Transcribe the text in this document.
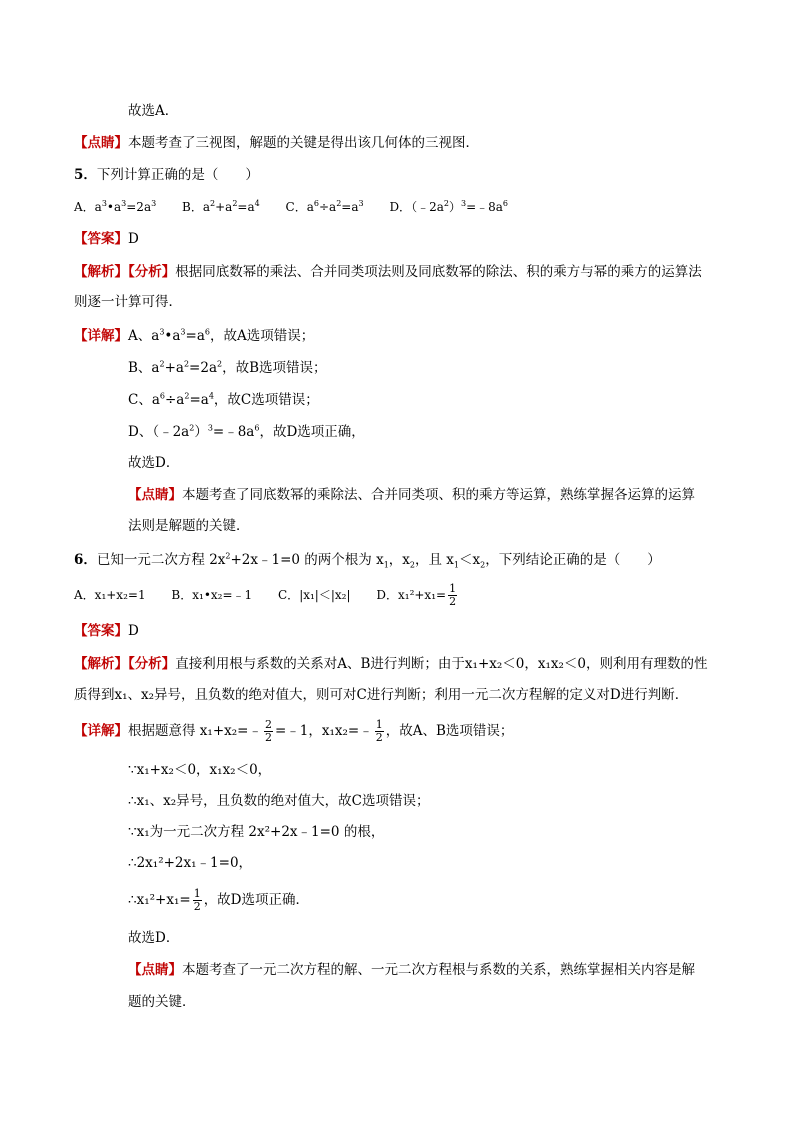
故选A．
【点睛】本题考查了三视图，解题的关键是得出该几何体的三视图．
5．下列计算正确的是（　　）
A．$a^3•a^3=2a^3$ B．$a^2+a^2=a^4$ C．$a^6\div a^2=a^3$ D．$(﹣2a^2)^3=﹣8a^6$
【答案】D
【解析】【分析】根据同底数幂的乘法、合并同类项法则及同底数幂的除法、积的乘方与幂的乘方的运算法
则逐一计算可得．
【详解】A、$a^3•a^3=a^6$，故A选项错误；
B、$a^2+a^2=2a^2$，故B选项错误；
C、$a^6\div a^2=a^4$，故C选项错误；
D、$(﹣2a^2)^3=﹣8a^6$，故D选项正确，
故选D．
【点睛】本题考查了同底数幂的乘除法、合并同类项、积的乘方等运算，熟练掌握各运算的运算
法则是解题的关键．
6．已知一元二次方程 $2x^2+2x﹣1=0$ 的两个根为 $x_1$，$x_2$，且 $x_1<x_2$，下列结论正确的是（　　）
A．x₁+x₂=1 B．x₁•x₂=﹣1 C．|x₁|＜|x₂| D．$x_1^2+x_1= \frac{1}{2}$
【答案】D
【解析】【分析】直接利用根与系数的关系对A、B进行判断；由于x₁+x₂＜0，x₁x₂＜0，则利用有理数的性
质得到x₁、x₂异号，且负数的绝对值大，则可对C进行判断；利用一元二次方程解的定义对D进行判断．
【详解】根据题意得 x₁+x₂=﹣ $\frac{2}{2}$ =﹣1，x₁x₂=﹣ $\frac{1}{2}$ ，故A、B选项错误；
∵x₁+x₂＜0，x₁x₂＜0，
∴x₁、x₂异号，且负数的绝对值大，故C选项错误；
∵x₁为一元二次方程 2x²+2x﹣1=0 的根，
∴2x₁²+2x₁﹣1=0，
∴x₁²+x₁= $\frac{1}{2}$ ，故D选项正确．
故选D．
【点睛】本题考查了一元二次方程的解、一元二次方程根与系数的关系，熟练掌握相关内容是解
题的关键．
